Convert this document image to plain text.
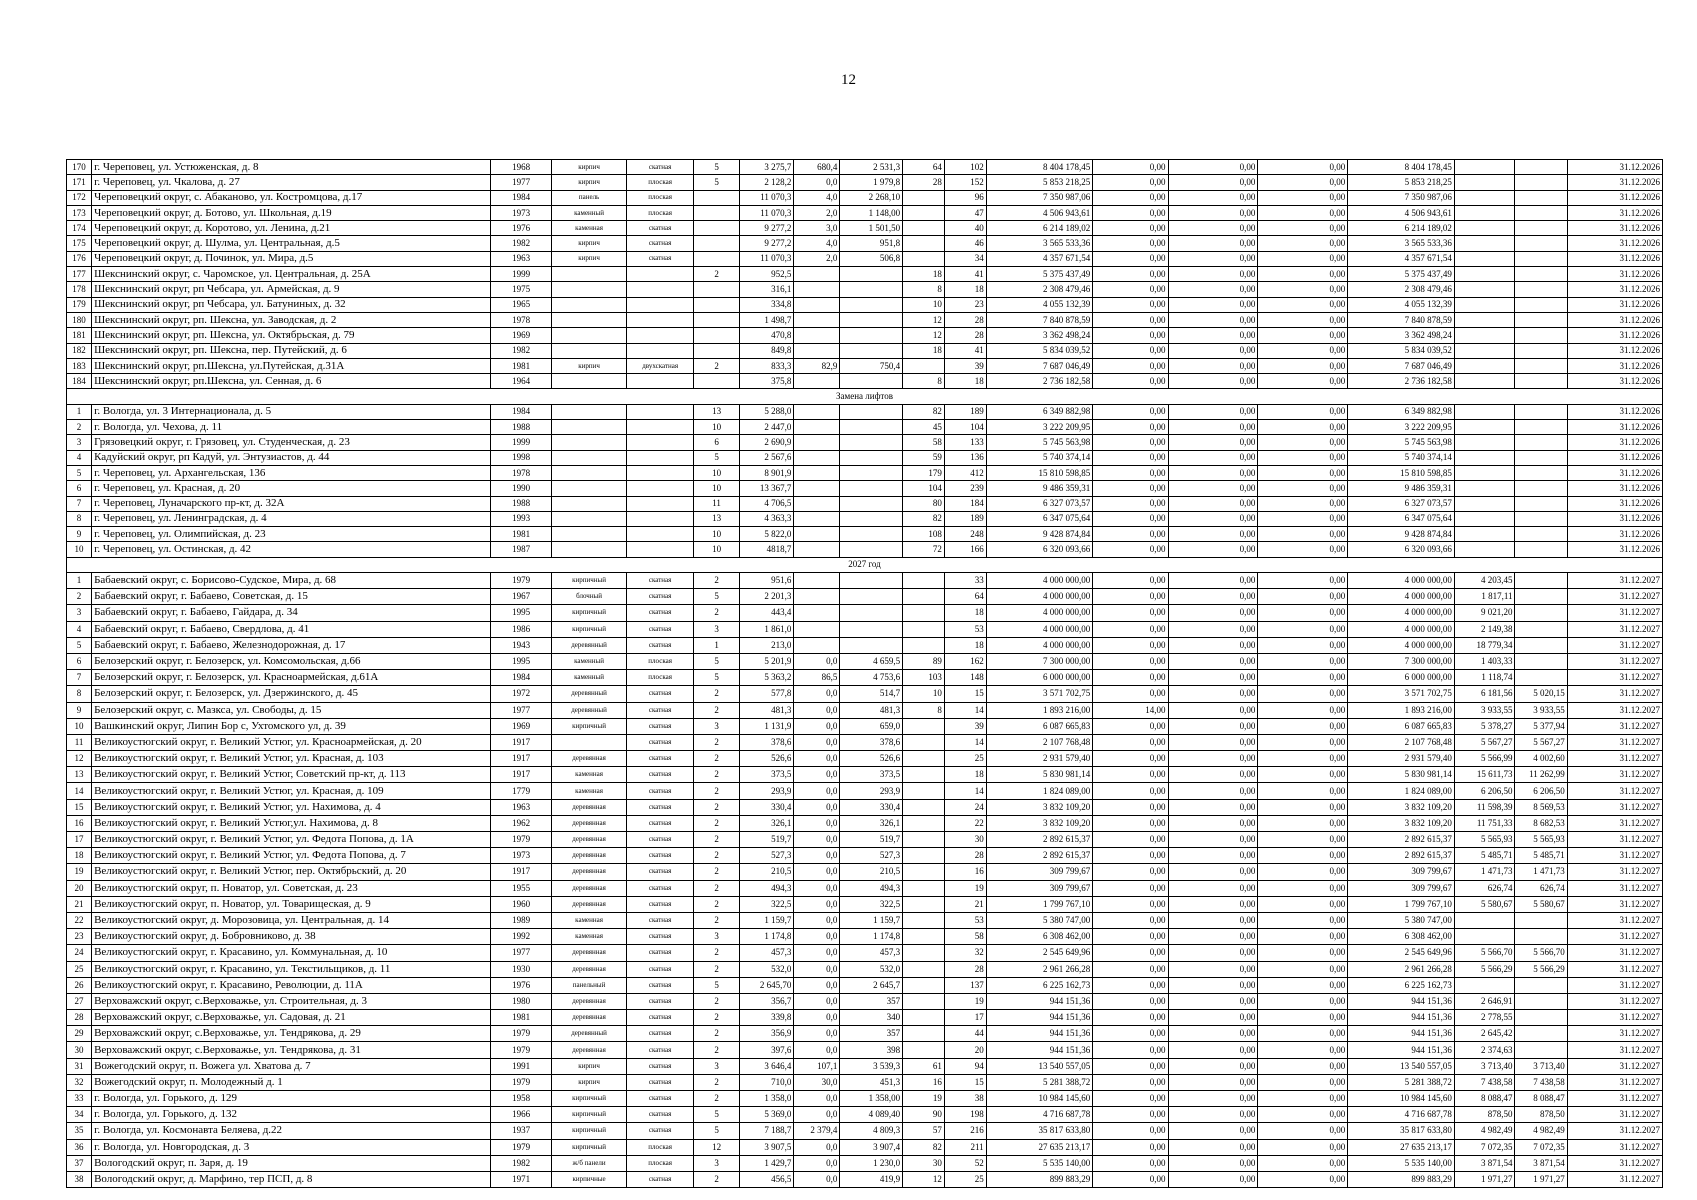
12
170	г. Череповец, ул. Устюженская, д. 8	1968	кирпич	скатная	5	3 275,7	680,4	2 531,3	64	102	8 404 178,45	0,00	0,00	0,00	8 404 178,45			31.12.2026
171	г. Череповец, ул. Чкалова, д. 27	1977	кирпич	плоская	5	2 128,2	0,0	1 979,8	28	152	5 853 218,25	0,00	0,00	0,00	5 853 218,25			31.12.2026
172	Череповецкий округ, с. Абаканово, ул. Костромцова, д.17	1984	панель	плоская		11 070,3	4,0	2 268,10		96	7 350 987,06	0,00	0,00	0,00	7 350 987,06			31.12.2026
173	Череповецкий округ, д. Ботово, ул. Школьная, д.19	1973	каменный	плоская		11 070,3	2,0	1 148,00		47	4 506 943,61	0,00	0,00	0,00	4 506 943,61			31.12.2026
174	Череповецкий округ, д. Коротово, ул. Ленина, д.21	1976	каменная	скатная		9 277,2	3,0	1 501,50		40	6 214 189,02	0,00	0,00	0,00	6 214 189,02			31.12.2026
175	Череповецкий округ, д. Шулма, ул. Центральная, д.5	1982	кирпич	скатная		9 277,2	4,0	951,8		46	3 565 533,36	0,00	0,00	0,00	3 565 533,36			31.12.2026
176	Череповецкий округ, д. Починок, ул. Мира, д.5	1963	кирпич	скатная		11 070,3	2,0	506,8		34	4 357 671,54	0,00	0,00	0,00	4 357 671,54			31.12.2026
177	Шекснинский округ, с. Чаромское, ул. Центральная, д. 25А	1999			2	952,5			18	41	5 375 437,49	0,00	0,00	0,00	5 375 437,49			31.12.2026
178	Шекснинский округ, рп Чебсара, ул. Армейская, д. 9	1975				316,1			8	18	2 308 479,46	0,00	0,00	0,00	2 308 479,46			31.12.2026
179	Шекснинский округ, рп Чебсара, ул. Батуниных, д. 32	1965				334,8			10	23	4 055 132,39	0,00	0,00	0,00	4 055 132,39			31.12.2026
180	Шекснинский округ, рп. Шексна, ул. Заводская, д. 2	1978				1 498,7			12	28	7 840 878,59	0,00	0,00	0,00	7 840 878,59			31.12.2026
181	Шекснинский округ, рп. Шексна, ул. Октябрьская, д. 79	1969				470,8			12	28	3 362 498,24	0,00	0,00	0,00	3 362 498,24			31.12.2026
182	Шекснинский округ, рп. Шексна, пер. Путейский, д. 6	1982				849,8			18	41	5 834 039,52	0,00	0,00	0,00	5 834 039,52			31.12.2026
183	Шекснинский округ, рп.Шексна, ул.Путейская, д.31А	1981	кирпич	двухскатная	2	833,3	82,9	750,4		39	7 687 046,49	0,00	0,00	0,00	7 687 046,49			31.12.2026
184	Шекснинский округ, рп.Шексна, ул. Сенная, д. 6	1964				375,8			8	18	2 736 182,58	0,00	0,00	0,00	2 736 182,58			31.12.2026
Замена лифтов																		
1	г. Вологда, ул. 3 Интернационала, д. 5	1984			13	5 288,0			82	189	6 349 882,98	0,00	0,00	0,00	6 349 882,98			31.12.2026
2	г. Вологда, ул. Чехова, д. 11	1988			10	2 447,0			45	104	3 222 209,95	0,00	0,00	0,00	3 222 209,95			31.12.2026
3	Грязовецкий округ, г. Грязовец, ул. Студенческая, д. 23	1999			6	2 690,9			58	133	5 745 563,98	0,00	0,00	0,00	5 745 563,98			31.12.2026
4	Кадуйский округ, рп Кадуй, ул. Энтузиастов, д. 44	1998			5	2 567,6			59	136	5 740 374,14	0,00	0,00	0,00	5 740 374,14			31.12.2026
5	г. Череповец, ул. Архангельская, 136	1978			10	8 901,9			179	412	15 810 598,85	0,00	0,00	0,00	15 810 598,85			31.12.2026
6	г. Череповец, ул. Красная, д. 20	1990			10	13 367,7			104	239	9 486 359,31	0,00	0,00	0,00	9 486 359,31			31.12.2026
7	г. Череповец, Луначарского пр-кт, д. 32А	1988			11	4 706,5			80	184	6 327 073,57	0,00	0,00	0,00	6 327 073,57			31.12.2026
8	г. Череповец, ул. Ленинградская, д. 4	1993			13	4 363,3			82	189	6 347 075,64	0,00	0,00	0,00	6 347 075,64			31.12.2026
9	г. Череповец, ул. Олимпийская, д. 23	1981			10	5 822,0			108	248	9 428 874,84	0,00	0,00	0,00	9 428 874,84			31.12.2026
10	г. Череповец, ул. Остинская, д. 42	1987			10	4818,7			72	166	6 320 093,66	0,00	0,00	0,00	6 320 093,66			31.12.2026
2027 год																		
1	Бабаевский округ, с. Борисово-Судское, Мира, д. 68	1979	кирпичный	скатная	2	951,6				33	4 000 000,00	0,00	0,00	0,00	4 000 000,00	4 203,45		31.12.2027
2	Бабаевский округ, г. Бабаево, Советская, д. 15	1967	блочный	скатная	5	2 201,3				64	4 000 000,00	0,00	0,00	0,00	4 000 000,00	1 817,11		31.12.2027
3	Бабаевский округ, г. Бабаево, Гайдара, д. 34	1995	кирпичный	скатная	2	443,4				18	4 000 000,00	0,00	0,00	0,00	4 000 000,00	9 021,20		31.12.2027
4	Бабаевский округ, г. Бабаево, Свердлова, д. 41	1986	кирпичный	скатная	3	1 861,0				53	4 000 000,00	0,00	0,00	0,00	4 000 000,00	2 149,38		31.12.2027
5	Бабаевский округ, г. Бабаево, Железнодорожная, д. 17	1943	деревянный	скатная	1	213,0				18	4 000 000,00	0,00	0,00	0,00	4 000 000,00	18 779,34		31.12.2027
6	Белозерский округ, г. Белозерск, ул. Комсомольская, д.66	1995	каменный	плоская	5	5 201,9	0,0	4 659,5	89	162	7 300 000,00	0,00	0,00	0,00	7 300 000,00	1 403,33		31.12.2027
7	Белозерский округ, г. Белозерск, ул. Красноармейская, д.61А	1984	каменный	плоская	5	5 363,2	86,5	4 753,6	103	148	6 000 000,00	0,00	0,00	0,00	6 000 000,00	1 118,74		31.12.2027
8	Белозерский округ, г. Белозерск, ул. Дзержинского, д. 45	1972	деревянный	скатная	2	577,8	0,0	514,7	10	15	3 571 702,75	0,00	0,00	0,00	3 571 702,75	6 181,56	5 020,15	31.12.2027
9	Белозерский округ, с. Мазкса, ул. Свободы, д. 15	1977	деревянный	скатная	2	481,3	0,0	481,3	8	14	1 893 216,00	14,00	0,00	0,00	1 893 216,00	3 933,55	3 933,55	31.12.2027
10	Вашкинский округ, Липин Бор с, Ухтомского ул, д. 39	1969	кирпичный	скатная	3	1 131,9	0,0	659,0		39	6 087 665,83	0,00	0,00	0,00	6 087 665,83	5 378,27	5 377,94	31.12.2027
11	Великоустюгский округ, г. Великий Устюг, ул. Красноармейская, д. 20	1917		скатная	2	378,6	0,0	378,6		14	2 107 768,48	0,00	0,00	0,00	2 107 768,48	5 567,27	5 567,27	31.12.2027
12	Великоустюгский округ, г. Великий Устюг, ул. Красная, д. 103	1917	деревянная	скатная	2	526,6	0,0	526,6		25	2 931 579,40	0,00	0,00	0,00	2 931 579,40	5 566,99	4 002,60	31.12.2027
13	Великоустюгский округ, г. Великий Устюг, Советский пр-кт, д. 113	1917	каменная	скатная	2	373,5	0,0	373,5		18	5 830 981,14	0,00	0,00	0,00	5 830 981,14	15 611,73	11 262,99	31.12.2027
14	Великоустюгский округ, г. Великий Устюг, ул. Красная, д. 109	1779	каменная	скатная	2	293,9	0,0	293,9		14	1 824 089,00	0,00	0,00	0,00	1 824 089,00	6 206,50	6 206,50	31.12.2027
15	Великоустюгский округ, г. Великий Устюг, ул. Нахимова, д. 4	1963	деревянная	скатная	2	330,4	0,0	330,4		24	3 832 109,20	0,00	0,00	0,00	3 832 109,20	11 598,39	8 569,53	31.12.2027
16	Великоустюгский округ, г. Великий Устюг,ул. Нахимова, д. 8	1962	деревянная	скатная	2	326,1	0,0	326,1		22	3 832 109,20	0,00	0,00	0,00	3 832 109,20	11 751,33	8 682,53	31.12.2027
17	Великоустюгский округ, г. Великий Устюг, ул. Федота Попова, д. 1А	1979	деревянная	скатная	2	519,7	0,0	519,7		30	2 892 615,37	0,00	0,00	0,00	2 892 615,37	5 565,93	5 565,93	31.12.2027
18	Великоустюгский округ, г. Великий Устюг, ул. Федота Попова, д. 7	1973	деревянная	скатная	2	527,3	0,0	527,3		28	2 892 615,37	0,00	0,00	0,00	2 892 615,37	5 485,71	5 485,71	31.12.2027
19	Великоустюгский округ, г. Великий Устюг, пер. Октябрьский, д. 20	1917	деревянная	скатная	2	210,5	0,0	210,5		16	309 799,67	0,00	0,00	0,00	309 799,67	1 471,73	1 471,73	31.12.2027
20	Великоустюгский округ, п. Новатор, ул. Советская, д. 23	1955	деревянная	скатная	2	494,3	0,0	494,3		19	309 799,67	0,00	0,00	0,00	309 799,67	626,74	626,74	31.12.2027
21	Великоустюгский округ, п. Новатор, ул. Товарищеская, д. 9	1960	деревянная	скатная	2	322,5	0,0	322,5		21	1 799 767,10	0,00	0,00	0,00	1 799 767,10	5 580,67	5 580,67	31.12.2027
22	Великоустюгский округ, д. Морозовица, ул. Центральная, д. 14	1989	каменная	скатная	2	1 159,7	0,0	1 159,7		53	5 380 747,00	0,00	0,00	0,00	5 380 747,00			31.12.2027
23	Великоустюгский округ, д. Бобровниково, д. 38	1992	каменная	скатная	3	1 174,8	0,0	1 174,8		58	6 308 462,00	0,00	0,00	0,00	6 308 462,00			31.12.2027
24	Великоустюгский округ, г. Красавино, ул. Коммунальная, д. 10	1977	деревянная	скатная	2	457,3	0,0	457,3		32	2 545 649,96	0,00	0,00	0,00	2 545 649,96	5 566,70	5 566,70	31.12.2027
25	Великоустюгский округ, г. Красавино, ул. Текстильщиков, д. 11	1930	деревянная	скатная	2	532,0	0,0	532,0		28	2 961 266,28	0,00	0,00	0,00	2 961 266,28	5 566,29	5 566,29	31.12.2027
26	Великоустюгский округ, г. Красавино, Революции, д. 11А	1976	панельный	скатная	5	2 645,70	0,0	2 645,7		137	6 225 162,73	0,00	0,00	0,00	6 225 162,73			31.12.2027
27	Верховажский округ, с.Верховажье, ул. Строительная, д. 3	1980	деревянная	скатная	2	356,7	0,0	357		19	944 151,36	0,00	0,00	0,00	944 151,36	2 646,91		31.12.2027
28	Верховажский округ, с.Верховажье, ул. Садовая, д. 21	1981	деревянная	скатная	2	339,8	0,0	340		17	944 151,36	0,00	0,00	0,00	944 151,36	2 778,55		31.12.2027
29	Верховажский округ, с.Верховажье, ул. Тендрякова, д. 29	1979	деревянный	скатная	2	356,9	0,0	357		44	944 151,36	0,00	0,00	0,00	944 151,36	2 645,42		31.12.2027
30	Верховажский округ, с.Верховажье, ул. Тендрякова, д. 31	1979	деревянная	скатная	2	397,6	0,0	398		20	944 151,36	0,00	0,00	0,00	944 151,36	2 374,63		31.12.2027
31	Вожегодский округ, п. Вожега ул. Хватова д. 7	1991	кирпич	скатная	3	3 646,4	107,1	3 539,3	61	94	13 540 557,05	0,00	0,00	0,00	13 540 557,05	3 713,40	3 713,40	31.12.2027
32	Вожегодский округ, п. Молодежный д. 1	1979	кирпич	скатная	2	710,0	30,0	451,3	16	15	5 281 388,72	0,00	0,00	0,00	5 281 388,72	7 438,58	7 438,58	31.12.2027
33	г. Вологда, ул. Горького, д. 129	1958	кирпичный	скатная	2	1 358,0	0,0	1 358,00	19	38	10 984 145,60	0,00	0,00	0,00	10 984 145,60	8 088,47	8 088,47	31.12.2027
34	г. Вологда, ул. Горького, д. 132	1966	кирпичный	скатная	5	5 369,0	0,0	4 089,40	90	198	4 716 687,78	0,00	0,00	0,00	4 716 687,78	878,50	878,50	31.12.2027
35	г. Вологда, ул. Космонавта Беляева, д.22	1937	кирпичный	скатная	5	7 188,7	2 379,4	4 809,3	57	216	35 817 633,80	0,00	0,00	0,00	35 817 633,80	4 982,49	4 982,49	31.12.2027
36	г. Вологда, ул. Новгородская, д. 3	1979	кирпичный	плоская	12	3 907,5	0,0	3 907,4	82	211	27 635 213,17	0,00	0,00	0,00	27 635 213,17	7 072,35	7 072,35	31.12.2027
37	Вологодский округ, п. Заря, д. 19	1982	ж/б панели	плоская	3	1 429,7	0,0	1 230,0	30	52	5 535 140,00	0,00	0,00	0,00	5 535 140,00	3 871,54	3 871,54	31.12.2027
38	Вологодский округ, д. Марфино, тер ПСП, д. 8	1971	кирпичные	скатная	2	456,5	0,0	419,9	12	25	899 883,29	0,00	0,00	0,00	899 883,29	1 971,27	1 971,27	31.12.2027
